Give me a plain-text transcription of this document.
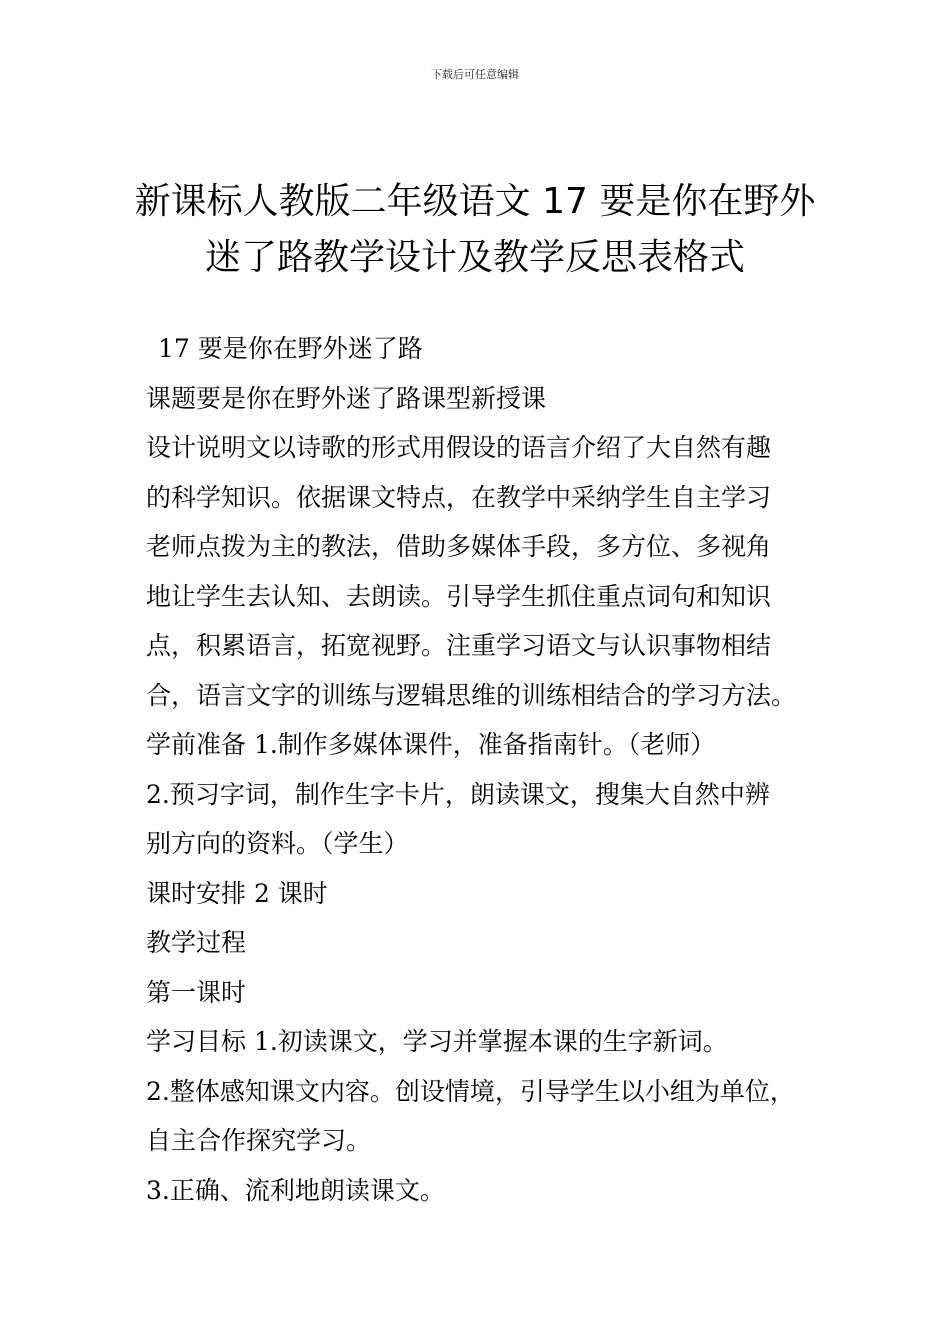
下载后可任意编辑
新课标人教版二年级语文 17 要是你在野外
迷了路教学设计及教学反思表格式

17 要是你在野外迷了路

课题要是你在野外迷了路课型新授课

设计说明文以诗歌的形式用假设的语言介绍了大自然有趣

的科学知识。依据课文特点，在教学中采纳学生自主学习

老师点拨为主的教法，借助多媒体手段，多方位、多视角

地让学生去认知、去朗读。引导学生抓住重点词句和知识

点，积累语言，拓宽视野。注重学习语文与认识事物相结

合，语言文字的训练与逻辑思维的训练相结合的学习方法。

学前准备 1.制作多媒体课件，准备指南针。（老师）

2.预习字词，制作生字卡片，朗读课文，搜集大自然中辨

别方向的资料。（学生）

课时安排 2 课时

教学过程

第一课时

学习目标 1.初读课文，学习并掌握本课的生字新词。

2.整体感知课文内容。创设情境，引导学生以小组为单位，

自主合作探究学习。

3.正确、流利地朗读课文。
